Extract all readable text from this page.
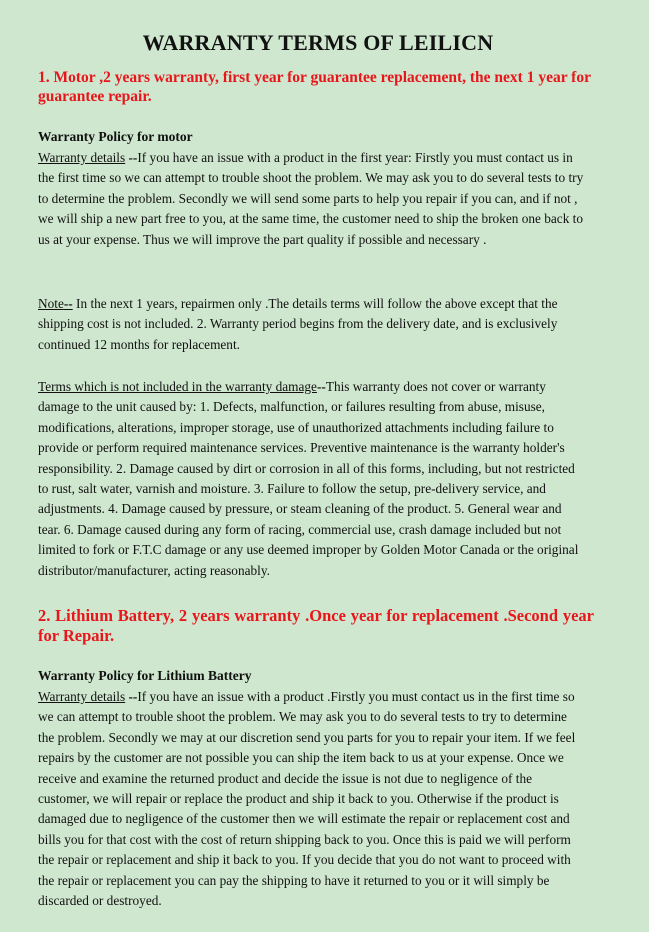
WARRANTY TERMS OF LEILICN
1. Motor ,2 years warranty, first year for guarantee replacement, the next 1 year for guarantee repair.
Warranty Policy for motor
Warranty details --If you have an issue with a product in the first year: Firstly you must contact us in the first time so we can attempt to trouble shoot the problem. We may ask you to do several tests to try to determine the problem. Secondly we will send some parts to help you repair if you can, and if not , we will ship a new part free to you, at the same time, the customer need to ship the broken one back to us at your expense. Thus we will improve the part quality if possible and necessary .
Note-- In the next 1 years, repairmen only .The details terms will follow the above except that the shipping cost is not included. 2. Warranty period begins from the delivery date, and is exclusively continued 12 months for replacement.
Terms which is not included in the warranty damage--This warranty does not cover or warranty damage to the unit caused by: 1. Defects, malfunction, or failures resulting from abuse, misuse, modifications, alterations, improper storage, use of unauthorized attachments including failure to provide or perform required maintenance services. Preventive maintenance is the warranty holder's responsibility. 2. Damage caused by dirt or corrosion in all of this forms, including, but not restricted to rust, salt water, varnish and moisture. 3. Failure to follow the setup, pre-delivery service, and adjustments. 4. Damage caused by pressure, or steam cleaning of the product. 5. General wear and tear. 6. Damage caused during any form of racing, commercial use, crash damage included but not limited to fork or F.T.C damage or any use deemed improper by Golden Motor Canada or the original distributor/manufacturer, acting reasonably.
2. Lithium Battery, 2 years warranty .Once year for replacement .Second year for Repair.
Warranty Policy for Lithium Battery
Warranty details --If you have an issue with a product .Firstly you must contact us in the first time so we can attempt to trouble shoot the problem. We may ask you to do several tests to try to determine the problem. Secondly we may at our discretion send you parts for you to repair your item. If we feel repairs by the customer are not possible you can ship the item back to us at your expense. Once we receive and examine the returned product and decide the issue is not due to negligence of the customer, we will repair or replace the product and ship it back to you. Otherwise if the product is damaged due to negligence of the customer then we will estimate the repair or replacement cost and bills you for that cost with the cost of return shipping back to you. Once this is paid we will perform the repair or replacement and ship it back to you. If you decide that you do not want to proceed with the repair or replacement you can pay the shipping to have it returned to you or it will simply be discarded or destroyed.
